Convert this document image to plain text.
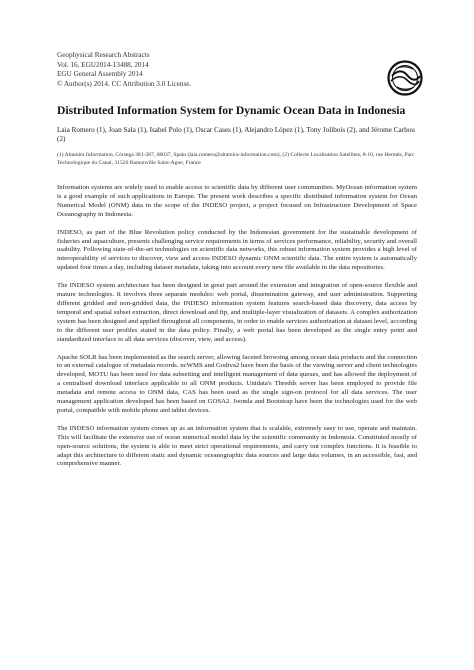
Geophysical Research Abstracts
Vol. 16, EGU2014-13488, 2014
EGU General Assembly 2014
© Author(s) 2014. CC Attribution 3.0 License.
Distributed Information System for Dynamic Ocean Data in Indonesia
Laia Romero (1), Joan Sala (1), Isabel Polo (1), Oscar Cases (1), Alejandro López (1), Tony Jolibois (2), and Jérome Carbou (2)
(1) Altamira Information, Còrsega 381-387, 08037, Spain (laia.romero@altamira-information.com), (2) Collecte Localisation Satellites, 8-10, rue Hermès, Parc Technologique du Canal, 31520 Ramonville Saint-Agne, France

Information systems are widely used to enable access to scientific data by different user communities. MyOcean information system is a good example of such applications in Europe. The present work describes a specific distributed information system for Ocean Numerical Model (ONM) data in the scope of the INDESO project, a project focused on Infrastructure Development of Space Oceanography in Indonesia.

INDESO, as part of the Blue Revolution policy conducted by the Indonesian government for the sustainable development of fisheries and aquaculture, presents challenging service requirements in terms of services performance, reliability, security and overall usability. Following state-of-the-art technologies on scientific data networks, this robust information system provides a high level of interoperability of services to discover, view and access INDESO dynamic ONM scientific data. The entire system is automatically updated four times a day, including dataset metadata, taking into account every new file available in the data repositories.

The INDESO system architecture has been designed in great part around the extension and integration of open-source flexible and mature technologies. It involves three separate modules: web portal, dissemination gateway, and user administration. Supporting different gridded and non-gridded data, the INDESO information system features search-based data discovery, data access by temporal and spatial subset extraction, direct download and ftp, and multiple-layer visualization of datasets. A complex authorization system has been designed and applied throughout all components, in order to enable services authorization at dataset level, according to the different user profiles stated in the data policy. Finally, a web portal has been developed as the single entry point and standardized interface to all data services (discover, view, and access).

Apache SOLR has been implemented as the search server, allowing faceted browsing among ocean data products and the connection to an external catalogue of metadata records. ncWMS and Godiva2 have been the basis of the viewing server and client technologies developed, MOTU has been used for data subsetting and intelligent management of data queues, and has allowed the deployment of a centralised download interface applicable to all ONM products. Unidata's Thredds server has been employed to provide file metadata and remote access to ONM data, CAS has been used as the single sign-on protocol for all data services. The user management application developed has been based on GOSA2. Joomla and Bootstrap have been the technologies used for the web portal, compatible with mobile phone and tablet devices.

The INDESO information system comes up as an information system that is scalable, extremely easy to use, operate and maintain. This will facilitate the extensive use of ocean numerical model data by the scientific community in Indonesia. Constituted mostly of open-source solutions, the system is able to meet strict operational requirements, and carry out complex functions. It is feasible to adapt this architecture to different static and dynamic oceanographic data sources and large data volumes, in an accessible, fast, and comprehensive manner.
